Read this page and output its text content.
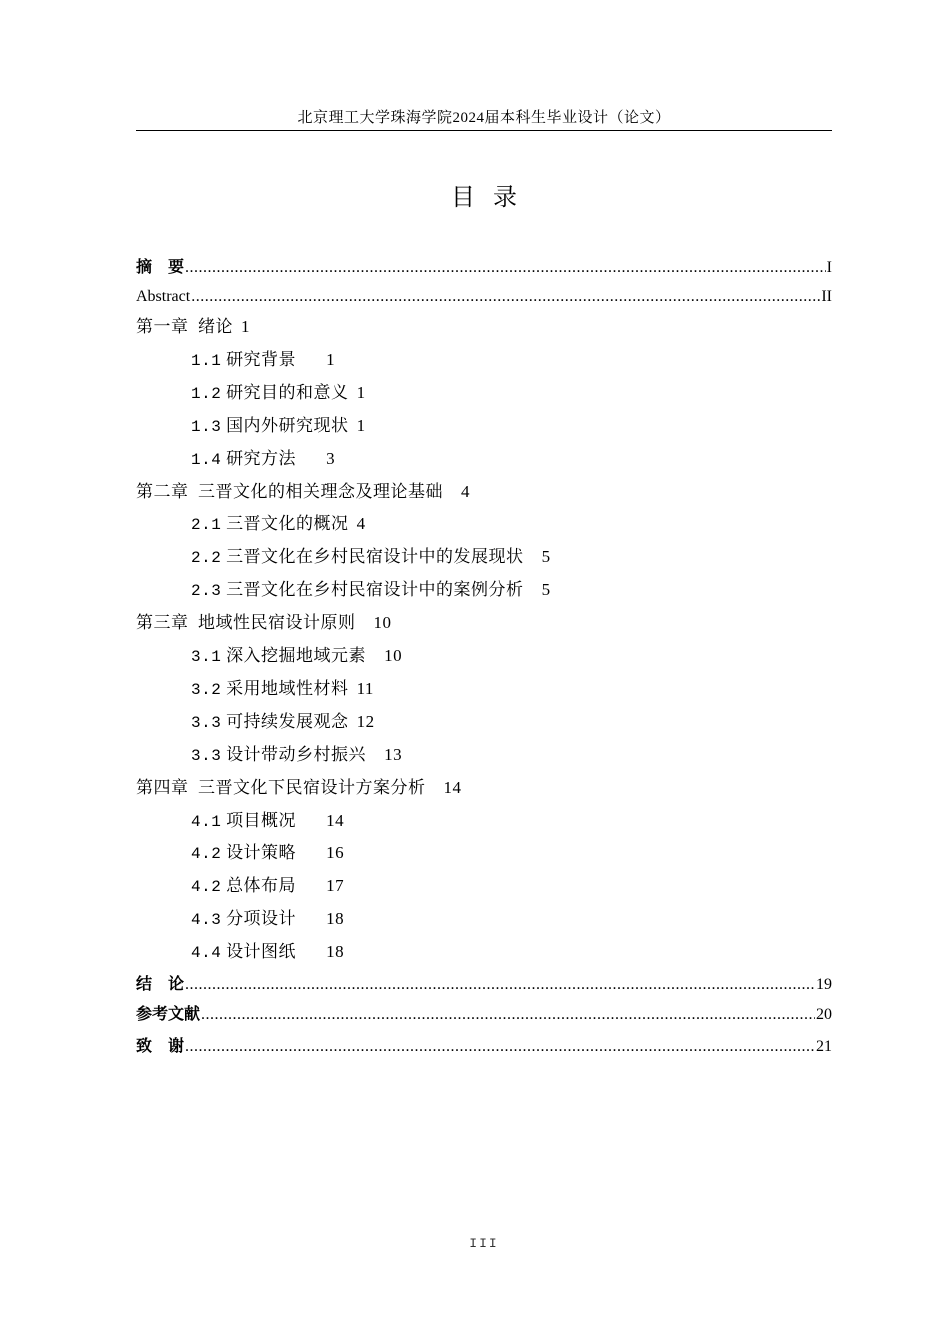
北京理工大学珠海学院2024届本科生毕业设计（论文）
目录
摘　要 .....	I
Abstract .....	II
第一章  绪论 1
1.1 研究背景 1
1.2 研究目的和意义 1
1.3 国内外研究现状 1
1.4 研究方法 3
第二章  三晋文化的相关理念及理论基础 4
2.1 三晋文化的概况 4
2.2 三晋文化在乡村民宿设计中的发展现状 5
2.3 三晋文化在乡村民宿设计中的案例分析 5
第三章  地域性民宿设计原则 10
3.1 深入挖掘地域元素 10
3.2 采用地域性材料 11
3.3 可持续发展观念 12
3.3 设计带动乡村振兴 13
第四章  三晋文化下民宿设计方案分析 14
4.1 项目概况 14
4.2 设计策略 16
4.2 总体布局 17
4.3 分项设计 18
4.4 设计图纸 18
结　论 .....	19
参考文献 .....	20
致　谢 .....	21
III
